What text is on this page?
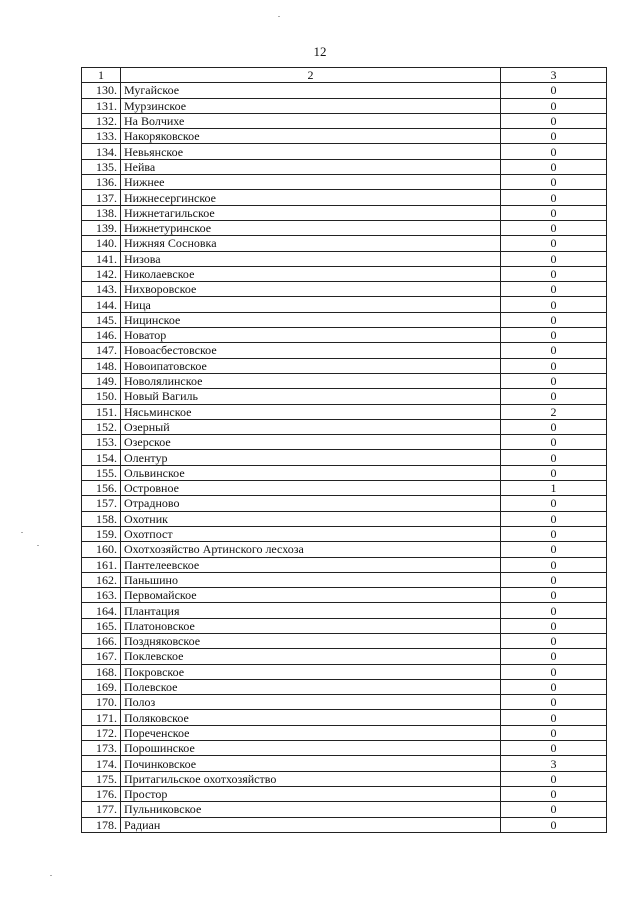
12
1	2	3
130.	Мугайское	0
131.	Мурзинское	0
132.	На Волчихе	0
133.	Накоряковское	0
134.	Невьянское	0
135.	Нейва	0
136.	Нижнее	0
137.	Нижнесергинское	0
138.	Нижнетагильское	0
139.	Нижнетуринское	0
140.	Нижняя Сосновка	0
141.	Низова	0
142.	Николаевское	0
143.	Нихворовское	0
144.	Ница	0
145.	Ницинское	0
146.	Новатор	0
147.	Новоасбестовское	0
148.	Новоипатовское	0
149.	Новолялинское	0
150.	Новый Вагиль	0
151.	Нясьминское	2
152.	Озерный	0
153.	Озерское	0
154.	Олентур	0
155.	Ольвинское	0
156.	Островное	1
157.	Отрадново	0
158.	Охотник	0
159.	Охотпост	0
160.	Охотхозяйство Артинского лесхоза	0
161.	Пантелеевское	0
162.	Паньшино	0
163.	Первомайское	0
164.	Плантация	0
165.	Платоновское	0
166.	Поздняковское	0
167.	Поклевское	0
168.	Покровское	0
169.	Полевское	0
170.	Полоз	0
171.	Поляковское	0
172.	Пореченское	0
173.	Порошинское	0
174.	Починковское	3
175.	Притагильское охотхозяйство	0
176.	Простор	0
177.	Пульниковское	0
178.	Радиан	0
